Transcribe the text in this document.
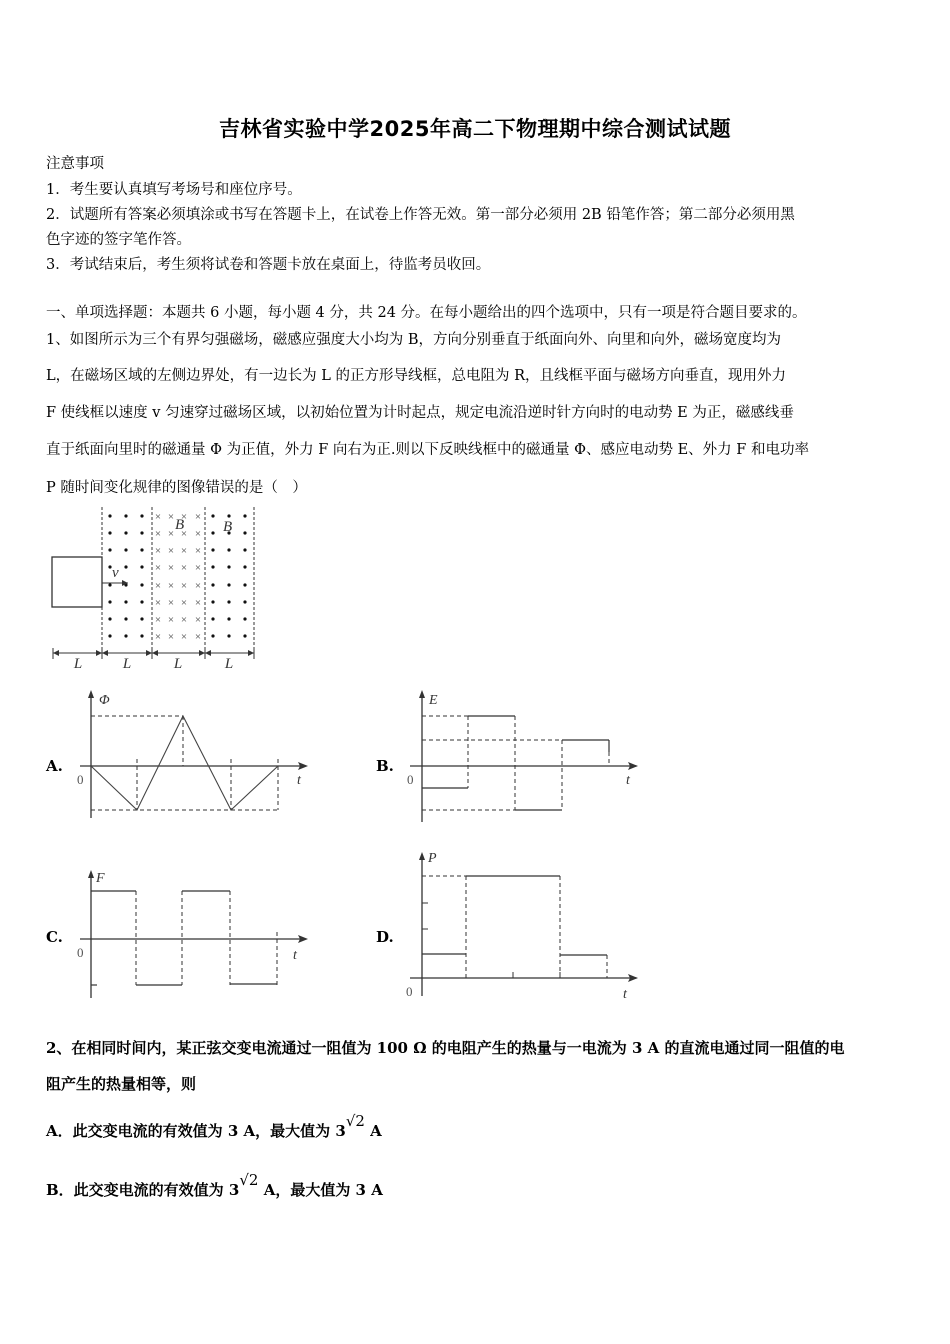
吉林省实验中学2025年高二下物理期中综合测试试题
注意事项
1．考生要认真填写考场号和座位序号。
2．试题所有答案必须填涂或书写在答题卡上，在试卷上作答无效。第一部分必须用 2B 铅笔作答；第二部分必须用黑
色字迹的签字笔作答。
3．考试结束后，考生须将试卷和答题卡放在桌面上，待监考员收回。
一、单项选择题：本题共 6 小题，每小题 4 分，共 24 分。在每小题给出的四个选项中，只有一项是符合题目要求的。
1、如图所示为三个有界匀强磁场，磁感应强度大小均为 B，方向分别垂直于纸面向外、向里和向外，磁场宽度均为
L，在磁场区域的左侧边界处，有一边长为 L 的正方形导线框，总电阻为 R，且线框平面与磁场方向垂直，现用外力
F 使线框以速度 v 匀速穿过磁场区域，以初始位置为计时起点，规定电流沿逆时针方向时的电动势 E 为正，磁感线垂
直于纸面向里时的磁通量 Φ 为正值，外力 F 向右为正.则以下反映线框中的磁通量 Φ、感应电动势 E、外力 F 和电功率
P 随时间变化规律的图像错误的是（　）
× × × ×
× × × ×
× × × ×
× × × ×
× × × ×
× × × ×
× × × ×
× × × ×
B	B
v
L	L	L	L
A.
Φ
t
0
B.
E
t
0
C.
F
t
0
D.
P
t
0
2、在相同时间内，某正弦交变电流通过一阻值为 100 Ω 的电阻产生的热量与一电流为 3 A 的直流电通过同一阻值的电
阻产生的热量相等，则
A．此交变电流的有效值为 3 A，最大值为 3√2 A
B．此交变电流的有效值为 3√2 A，最大值为 3 A
